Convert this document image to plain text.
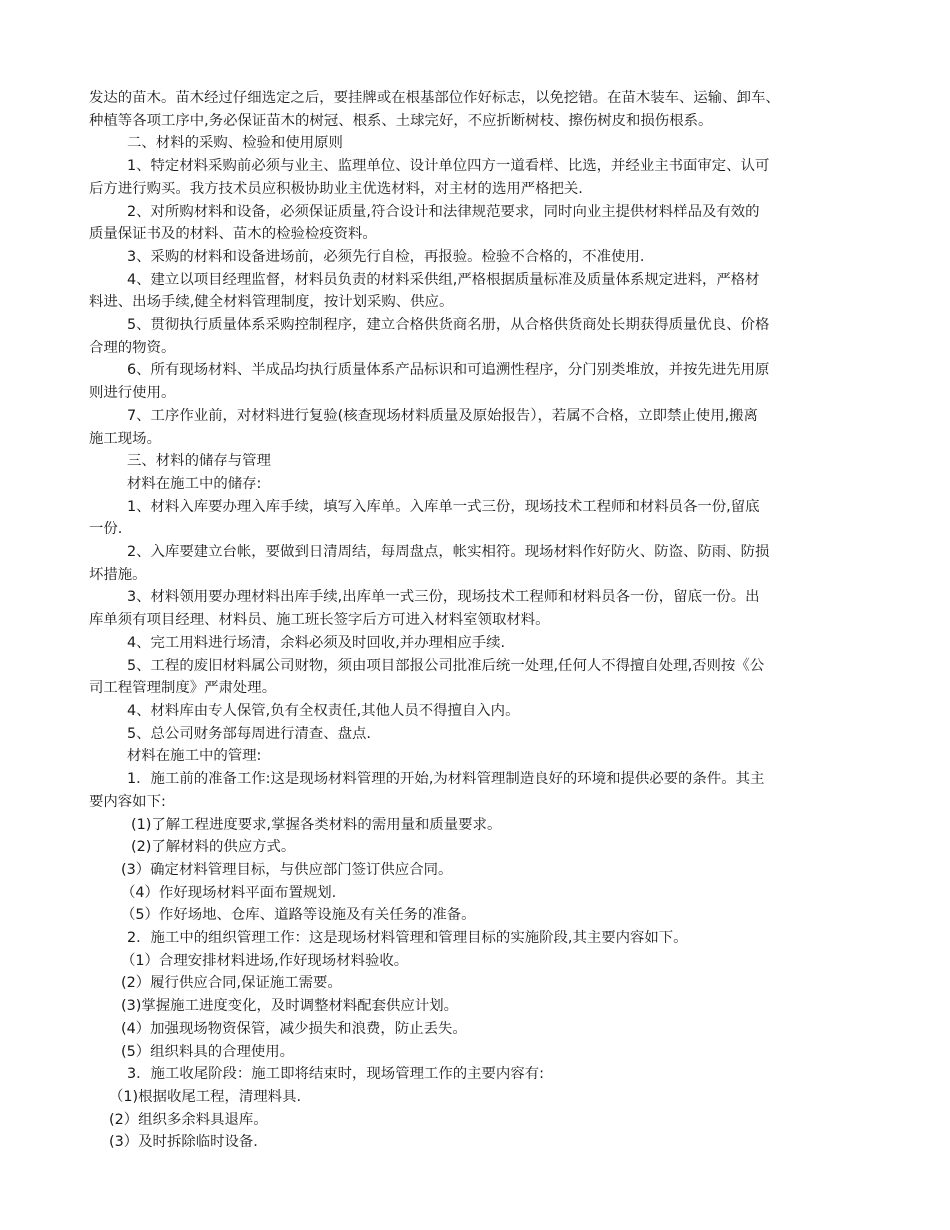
发达的苗木。苗木经过仔细选定之后，要挂牌或在根基部位作好标志，以免挖错。在苗木装车、运输、卸车、

种植等各项工序中,务必保证苗木的树冠、根系、土球完好，不应折断树枝、擦伤树皮和损伤根系。

二、材料的采购、检验和使用原则

1、特定材料采购前必须与业主、监理单位、设计单位四方一道看样、比选，并经业主书面审定、认可

后方进行购买。我方技术员应积极协助业主优选材料，对主材的选用严格把关.

2、对所购材料和设备，必须保证质量,符合设计和法律规范要求，同时向业主提供材料样品及有效的

质量保证书及的材料、苗木的检验检疫资料。

3、采购的材料和设备进场前，必须先行自检，再报验。检验不合格的，不准使用.

4、建立以项目经理监督，材料员负责的材料采供组,严格根据质量标准及质量体系规定进料，严格材

料进、出场手续,健全材料管理制度，按计划采购、供应。

5、贯彻执行质量体系采购控制程序，建立合格供货商名册，从合格供货商处长期获得质量优良、价格

合理的物资。

6、所有现场材料、半成品均执行质量体系产品标识和可追溯性程序，分门别类堆放，并按先进先用原

则进行使用。

7、工序作业前，对材料进行复验(核查现场材料质量及原始报告），若属不合格，立即禁止使用,搬离

施工现场。

三、材料的储存与管理

材料在施工中的储存:

1、材料入库要办理入库手续，填写入库单。入库单一式三份，现场技术工程师和材料员各一份,留底

一份.

2、入库要建立台帐，要做到日清周结，每周盘点，帐实相符。现场材料作好防火、防盗、防雨、防损

坏措施。

3、材料领用要办理材料出库手续,出库单一式三份，现场技术工程师和材料员各一份，留底一份。出

库单须有项目经理、材料员、施工班长签字后方可进入材料室领取材料。

4、完工用料进行场清，余料必须及时回收,并办理相应手续.

5、工程的废旧材料属公司财物，须由项目部报公司批准后统一处理,任何人不得擅自处理,否则按《公

司工程管理制度》严肃处理。

4、材料库由专人保管,负有全权责任,其他人员不得擅自入内。

5、总公司财务部每周进行清查、盘点.

材料在施工中的管理:

1．施工前的准备工作:这是现场材料管理的开始,为材料管理制造良好的环境和提供必要的条件。其主

要内容如下:

(1)了解工程进度要求,掌握各类材料的需用量和质量要求。

(2)了解材料的供应方式。

(3）确定材料管理目标，与供应部门签订供应合同。

（4）作好现场材料平面布置规划.

（5）作好场地、仓库、道路等设施及有关任务的准备。

2．施工中的组织管理工作：这是现场材料管理和管理目标的实施阶段,其主要内容如下。

（1）合理安排材料进场,作好现场材料验收。

(2）履行供应合同,保证施工需要。

(3)掌握施工进度变化，及时调整材料配套供应计划。

(4）加强现场物资保管，减少损失和浪费，防止丢失。

(5）组织料具的合理使用。

3．施工收尾阶段：施工即将结束时，现场管理工作的主要内容有:

（1)根据收尾工程，清理料具.

(2）组织多余料具退库。

(3）及时拆除临时设备.
